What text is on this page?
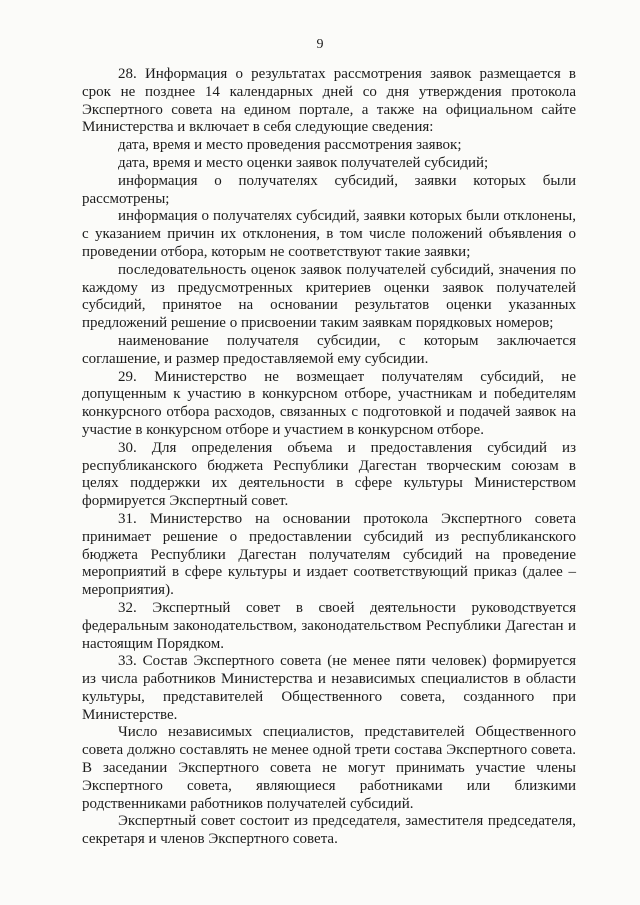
9

28. Информация о результатах рассмотрения заявок размещается в срок не позднее 14 календарных дней со дня утверждения протокола Экспертного совета на едином портале, а также на официальном сайте Министерства и включает в себя следующие сведения:

дата, время и место проведения рассмотрения заявок;

дата, время и место оценки заявок получателей субсидий;

информация о получателях субсидий, заявки которых были рассмотрены;

информация о получателях субсидий, заявки которых были отклонены, с указанием причин их отклонения, в том числе положений объявления о проведении отбора, которым не соответствуют такие заявки;

последовательность оценок заявок получателей субсидий, значения по каждому из предусмотренных критериев оценки заявок получателей субсидий, принятое на основании результатов оценки указанных предложений решение о присвоении таким заявкам порядковых номеров;

наименование получателя субсидии, с которым заключается соглашение, и размер предоставляемой ему субсидии.

29. Министерство не возмещает получателям субсидий, не допущенным к участию в конкурсном отборе, участникам и победителям конкурсного отбора расходов, связанных с подготовкой и подачей заявок на участие в конкурсном отборе и участием в конкурсном отборе.

30. Для определения объема и предоставления субсидий из республиканского бюджета Республики Дагестан творческим союзам в целях поддержки их деятельности в сфере культуры Министерством формируется Экспертный совет.

31. Министерство на основании протокола Экспертного совета принимает решение о предоставлении субсидий из республиканского бюджета Республики Дагестан получателям субсидий на проведение мероприятий в сфере культуры и издает соответствующий приказ (далее – мероприятия).

32. Экспертный совет в своей деятельности руководствуется федеральным законодательством, законодательством Республики Дагестан и настоящим Порядком.

33. Состав Экспертного совета (не менее пяти человек) формируется из числа работников Министерства и независимых специалистов в области культуры, представителей Общественного совета, созданного при Министерстве.

Число независимых специалистов, представителей Общественного совета должно составлять не менее одной трети состава Экспертного совета. В заседании Экспертного совета не могут принимать участие члены Экспертного совета, являющиеся работниками или близкими родственниками работников получателей субсидий.

Экспертный совет состоит из председателя, заместителя председателя, секретаря и членов Экспертного совета.
